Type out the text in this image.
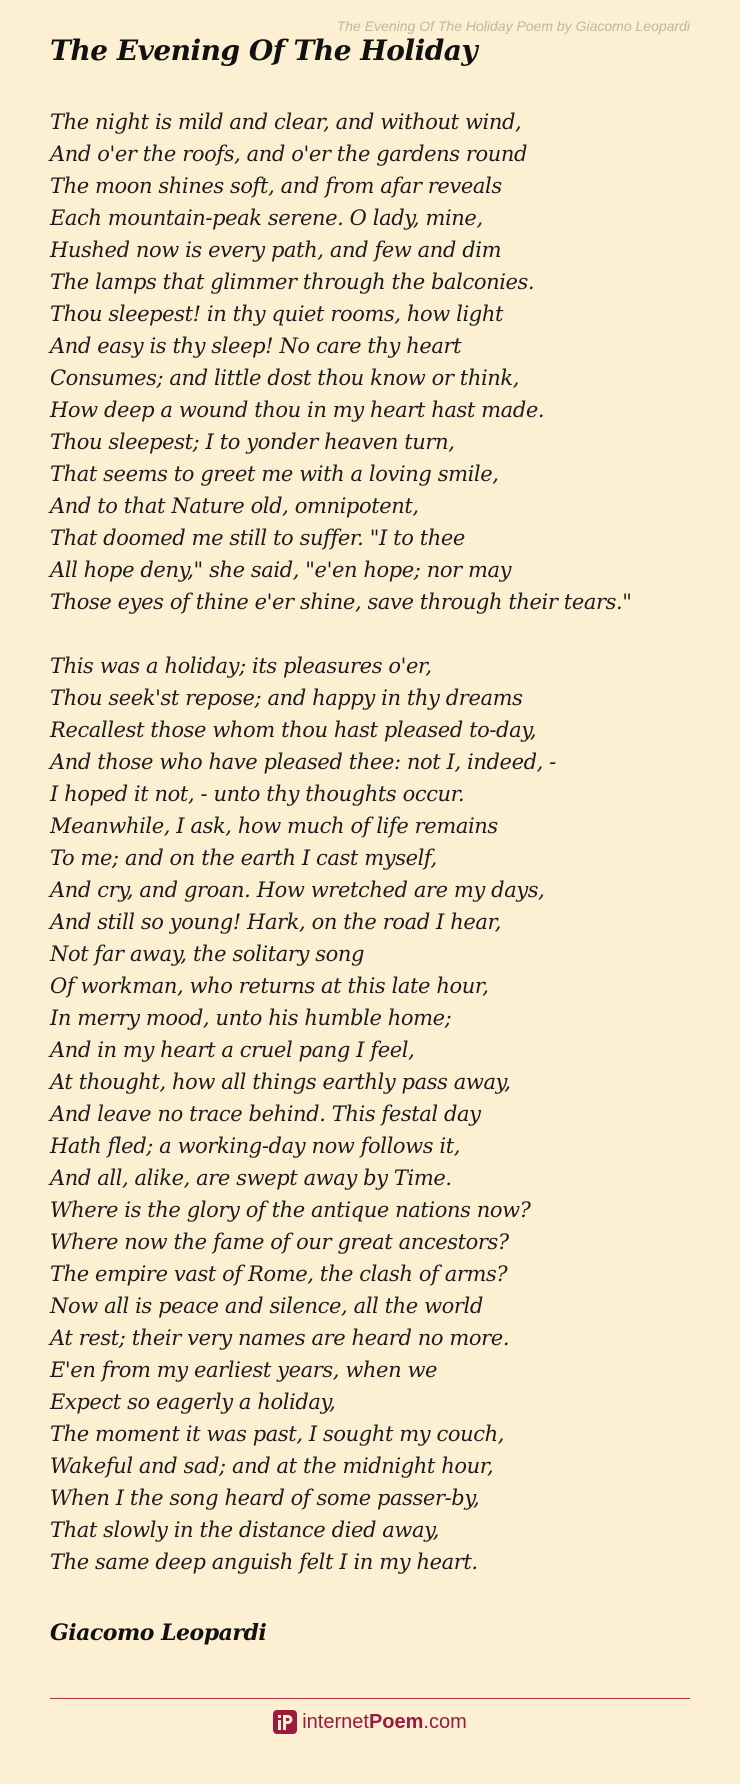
The Evening Of The Holiday Poem by Giacomo Leopardi
The Evening Of The Holiday
The night is mild and clear, and without wind,
And o'er the roofs, and o'er the gardens round
The moon shines soft, and from afar reveals
Each mountain-peak serene. O lady, mine,
Hushed now is every path, and few and dim
The lamps that glimmer through the balconies.
Thou sleepest! in thy quiet rooms, how light
And easy is thy sleep! No care thy heart
Consumes; and little dost thou know or think,
How deep a wound thou in my heart hast made.
Thou sleepest; I to yonder heaven turn,
That seems to greet me with a loving smile,
And to that Nature old, omnipotent,
That doomed me still to suffer. "I to thee
All hope deny," she said, "e'en hope; nor may
Those eyes of thine e'er shine, save through their tears."
This was a holiday; its pleasures o'er,
Thou seek'st repose; and happy in thy dreams
Recallest those whom thou hast pleased to-day,
And those who have pleased thee: not I, indeed, -
I hoped it not, - unto thy thoughts occur.
Meanwhile, I ask, how much of life remains
To me; and on the earth I cast myself,
And cry, and groan. How wretched are my days,
And still so young! Hark, on the road I hear,
Not far away, the solitary song
Of workman, who returns at this late hour,
In merry mood, unto his humble home;
And in my heart a cruel pang I feel,
At thought, how all things earthly pass away,
And leave no trace behind. This festal day
Hath fled; a working-day now follows it,
And all, alike, are swept away by Time.
Where is the glory of the antique nations now?
Where now the fame of our great ancestors?
The empire vast of Rome, the clash of arms?
Now all is peace and silence, all the world
At rest; their very names are heard no more.
E'en from my earliest years, when we
Expect so eagerly a holiday,
The moment it was past, I sought my couch,
Wakeful and sad; and at the midnight hour,
When I the song heard of some passer-by,
That slowly in the distance died away,
The same deep anguish felt I in my heart.
Giacomo Leopardi
internetPoem.com
